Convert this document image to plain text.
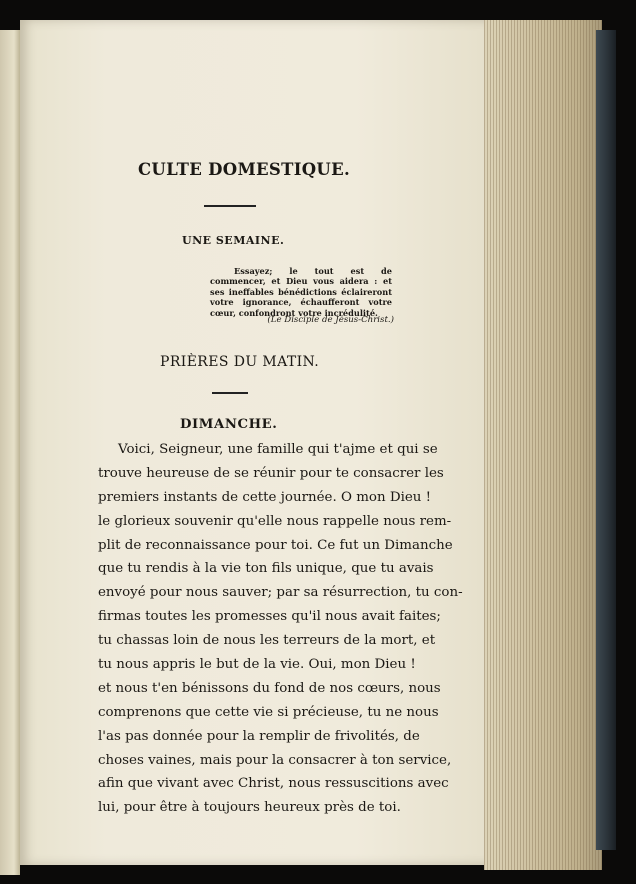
CULTE DOMESTIQUE.
UNE SEMAINE.
Essayez; le tout est de commencer, et Dieu vous aidera : et ses ineffables bénédictions éclaireront votre ignorance, échaufferont votre cœur, confondront votre incrédulité.
(Le Disciple de Jésus-Christ.)
PRIÈRES DU MATIN.
DIMANCHE.
Voici, Seigneur, une famille qui t'ajme et qui se
trouve heureuse de se réunir pour te consacrer les
premiers instants de cette journée. O mon Dieu !
le glorieux souvenir qu'elle nous rappelle nous rem-
plit de reconnaissance pour toi. Ce fut un Dimanche
que tu rendis à la vie ton fils unique, que tu avais
envoyé pour nous sauver; par sa résurrection, tu con-
firmas toutes les promesses qu'il nous avait faites;
tu chassas loin de nous les terreurs de la mort, et
tu nous appris le but de la vie. Oui, mon Dieu !
et nous t'en bénissons du fond de nos cœurs, nous
comprenons que cette vie si précieuse, tu ne nous
l'as pas donnée pour la remplir de frivolités, de
choses vaines, mais pour la consacrer à ton service,
afin que vivant avec Christ, nous ressuscitions avec
lui, pour être à toujours heureux près de toi.
